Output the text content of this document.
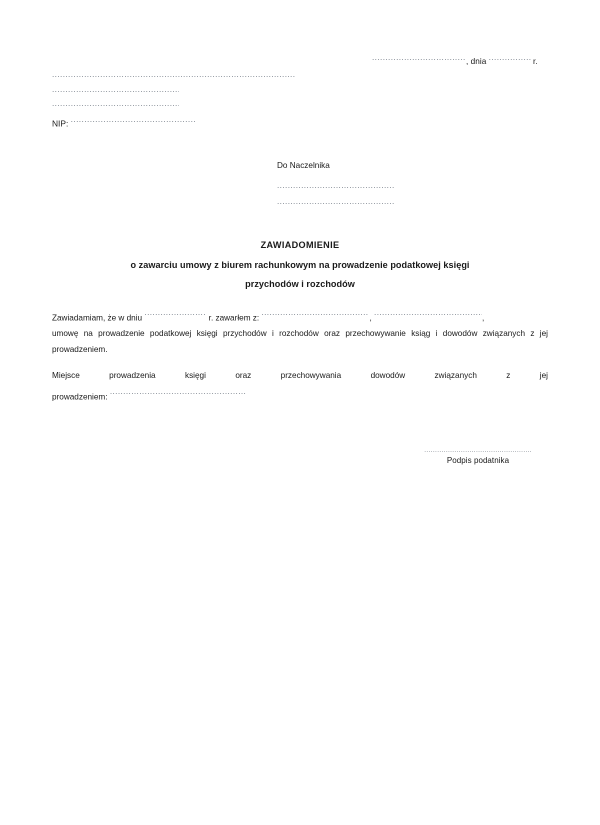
....., dnia .....	r.
.....
.....
.....
NIP: .....
Do Naczelnika
.....
.....
ZAWIADOMIENIE
o zawarciu umowy z biurem rachunkowym na prowadzenie podatkowej księgi
przychodów i rozchodów
Zawiadamiam, że w dniu .....	r. zawarłem z: .....	, .....	,
umowę na prowadzenie podatkowej księgi przychodów i rozchodów oraz przechowywanie ksiąg i dowodów związanych z jej prowadzeniem.
Miejsce	prowadzenia	księgi	oraz	przechowywania	dowodów	związanych	z	jej
prowadzeniem: .....
..................................................
Podpis podatnika
